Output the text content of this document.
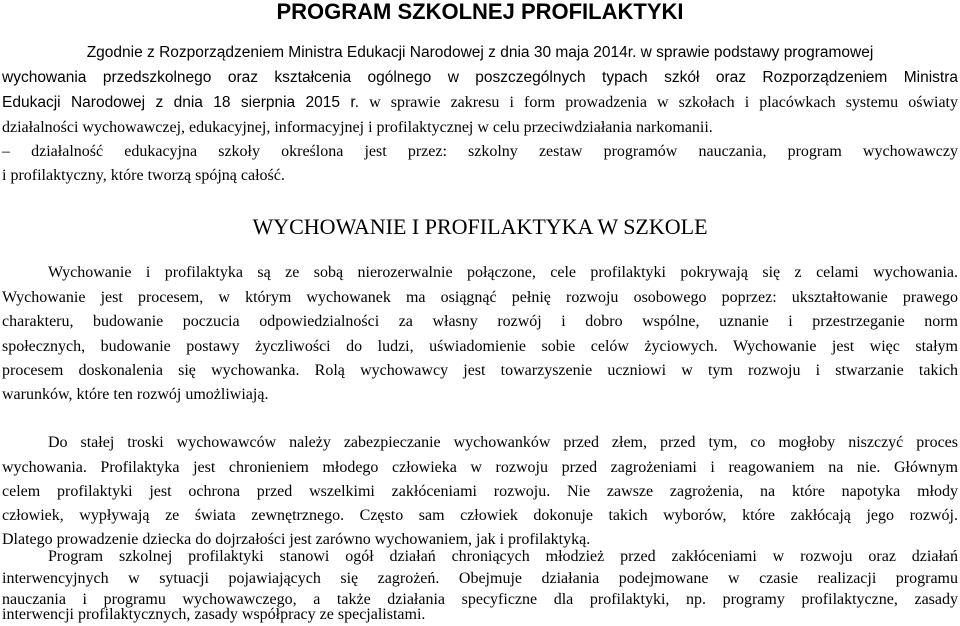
PROGRAM SZKOLNEJ PROFILAKTYKI
Zgodnie z Rozporządzeniem Ministra Edukacji Narodowej z dnia 30 maja 2014r. w sprawie podstawy programowej
wychowania przedszkolnego oraz kształcenia ogólnego w poszczególnych typach szkół oraz Rozporządzeniem Ministra
Edukacji Narodowej z dnia 18 sierpnia 2015 r. w sprawie zakresu i form prowadzenia w szkołach i placówkach systemu oświaty
działalności wychowawczej, edukacyjnej, informacyjnej i profilaktycznej w celu przeciwdziałania narkomanii.
– działalność edukacyjna szkoły określona jest przez: szkolny zestaw programów nauczania, program wychowawczy
i profilaktyczny, które tworzą spójną całość.
WYCHOWANIE I PROFILAKTYKA W SZKOLE
Wychowanie i profilaktyka są ze sobą nierozerwalnie połączone, cele profilaktyki pokrywają się z celami wychowania.
Wychowanie jest procesem, w którym wychowanek ma osiągnąć pełnię rozwoju osobowego poprzez: ukształtowanie prawego
charakteru, budowanie poczucia odpowiedzialności za własny rozwój i dobro wspólne, uznanie i przestrzeganie norm
społecznych, budowanie postawy życzliwości do ludzi, uświadomienie sobie celów życiowych. Wychowanie jest więc stałym
procesem doskonalenia się wychowanka. Rolą wychowawcy jest towarzyszenie uczniowi w tym rozwoju i stwarzanie takich
warunków, które ten rozwój umożliwiają.
Do stałej troski wychowawców należy zabezpieczanie wychowanków przed złem, przed tym, co mogłoby niszczyć proces
wychowania. Profilaktyka jest chronieniem młodego człowieka w rozwoju przed zagrożeniami i reagowaniem na nie. Głównym
celem profilaktyki jest ochrona przed wszelkimi zakłóceniami rozwoju. Nie zawsze zagrożenia, na które napotyka młody
człowiek, wypływają ze świata zewnętrznego. Często sam człowiek dokonuje takich wyborów, które zakłócają jego rozwój.
Dlatego prowadzenie dziecka do dojrzałości jest zarówno wychowaniem, jak i profilaktyką.
Program szkolnej profilaktyki stanowi ogół działań chroniących młodzież przed zakłóceniami w rozwoju oraz działań
interwencyjnych w sytuacji pojawiających się zagrożeń. Obejmuje działania podejmowane w czasie realizacji programu
nauczania i programu wychowawczego, a także działania specyficzne dla profilaktyki, np. programy profilaktyczne, zasady
interwencji profilaktycznych, zasady współpracy ze specjalistami.
